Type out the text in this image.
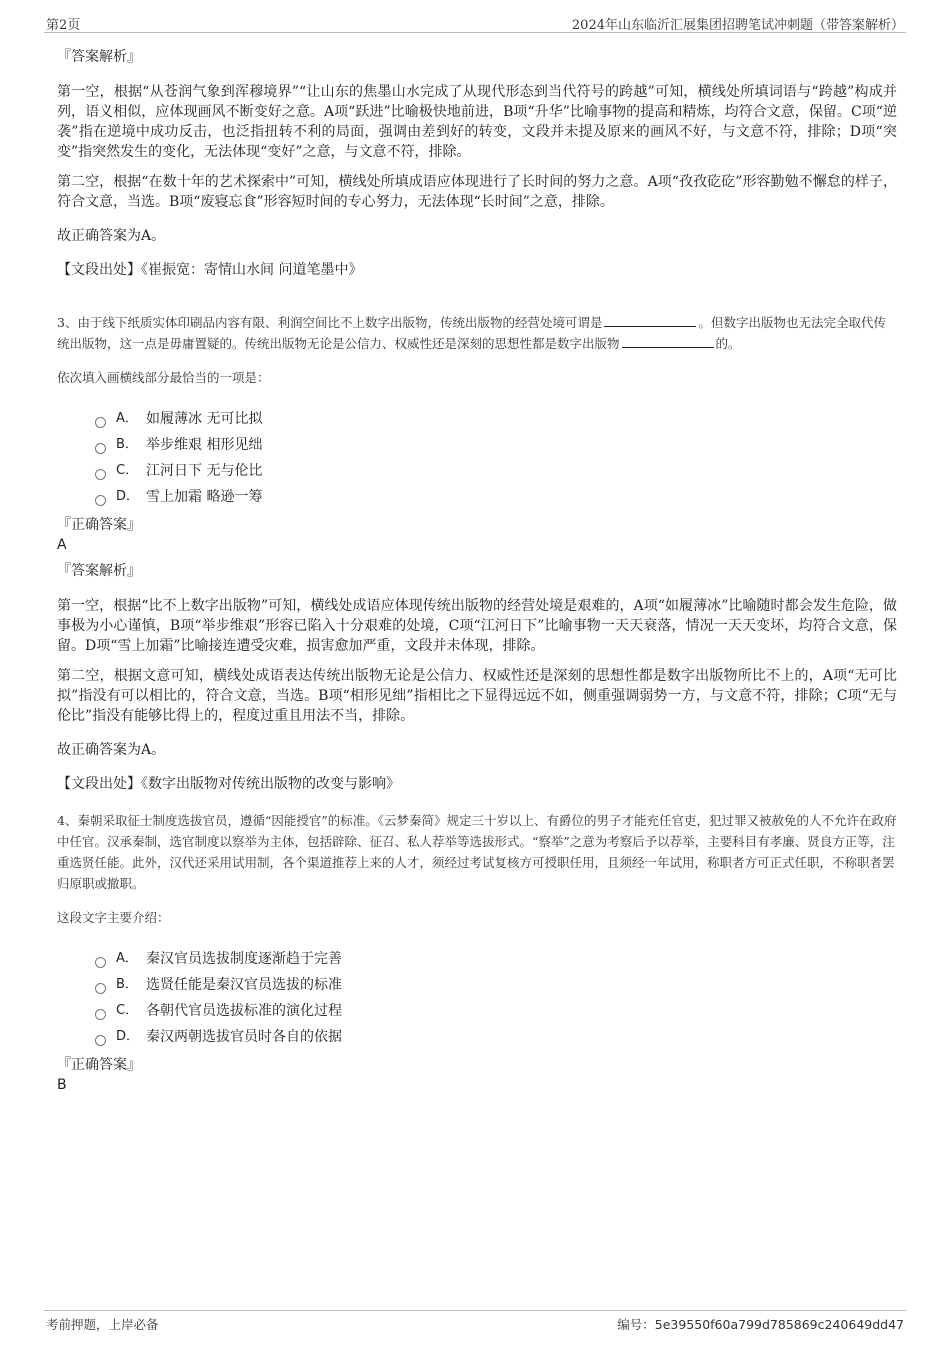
第2页	2024年山东临沂汇展集团招聘笔试冲刺题（带答案解析）

『答案解析』

第一空，根据“从苍润气象到浑穆境界”“让山东的焦墨山水完成了从现代形态到当代符号的跨越”可知，横线处所填词语与“跨越”构成并列，语义相似，应体现画风不断变好之意。A项“跃进”比喻极快地前进，B项“升华”比喻事物的提高和精炼，均符合文意，保留。C项“逆袭”指在逆境中成功反击，也泛指扭转不利的局面，强调由差到好的转变，文段并未提及原来的画风不好，与文意不符，排除；D项“突变”指突然发生的变化，无法体现“变好”之意，与文意不符，排除。

第二空，根据“在数十年的艺术探索中”可知，横线处所填成语应体现进行了长时间的努力之意。A项“孜孜矻矻”形容勤勉不懈怠的样子，符合文意，当选。B项“废寝忘食”形容短时间的专心努力，无法体现“长时间”之意，排除。

故正确答案为A。

【文段出处】《崔振宽：寄情山水间 问道笔墨中》

3、由于线下纸质实体印刷品内容有限、利润空间比不上数字出版物，传统出版物的经营处境可谓是	。但数字出版物也无法完全取代传统出版物，这一点是毋庸置疑的。传统出版物无论是公信力、权威性还是深刻的思想性都是数字出版物	的。

依次填入画横线部分最恰当的一项是：

A． 如履薄冰 无可比拟
B． 举步维艰 相形见绌
C． 江河日下 无与伦比
D． 雪上加霜 略逊一筹

『正确答案』

A

『答案解析』

第一空，根据“比不上数字出版物”可知，横线处成语应体现传统出版物的经营处境是艰难的，A项“如履薄冰”比喻随时都会发生危险，做事极为小心谨慎，B项“举步维艰”形容已陷入十分艰难的处境，C项“江河日下”比喻事物一天天衰落，情况一天天变坏，均符合文意，保留。D项“雪上加霜”比喻接连遭受灾难，损害愈加严重，文段并未体现，排除。

第二空，根据文意可知，横线处成语表达传统出版物无论是公信力、权威性还是深刻的思想性都是数字出版物所比不上的，A项“无可比拟”指没有可以相比的，符合文意，当选。B项“相形见绌”指相比之下显得远远不如，侧重强调弱势一方，与文意不符，排除；C项“无与伦比”指没有能够比得上的，程度过重且用法不当，排除。

故正确答案为A。

【文段出处】《数字出版物对传统出版物的改变与影响》

4、秦朝采取征士制度选拔官员，遵循“因能授官”的标准。《云梦秦简》规定三十岁以上、有爵位的男子才能充任官吏，犯过罪又被赦免的人不允许在政府中任官。汉承秦制，选官制度以察举为主体，包括辟除、征召、私人荐举等选拔形式。“察举”之意为考察后予以荐举，主要科目有孝廉、贤良方正等，注重选贤任能。此外，汉代还采用试用制，各个渠道推荐上来的人才，须经过考试复核方可授职任用，且须经一年试用，称职者方可正式任职，不称职者罢归原职或撤职。

这段文字主要介绍：

A． 秦汉官员选拔制度逐渐趋于完善
B． 选贤任能是秦汉官员选拔的标准
C． 各朝代官员选拔标准的演化过程
D． 秦汉两朝选拔官员时各自的依据

『正确答案』

B

考前押题，上岸必备	编号：5e39550f60a799d785869c240649dd47
